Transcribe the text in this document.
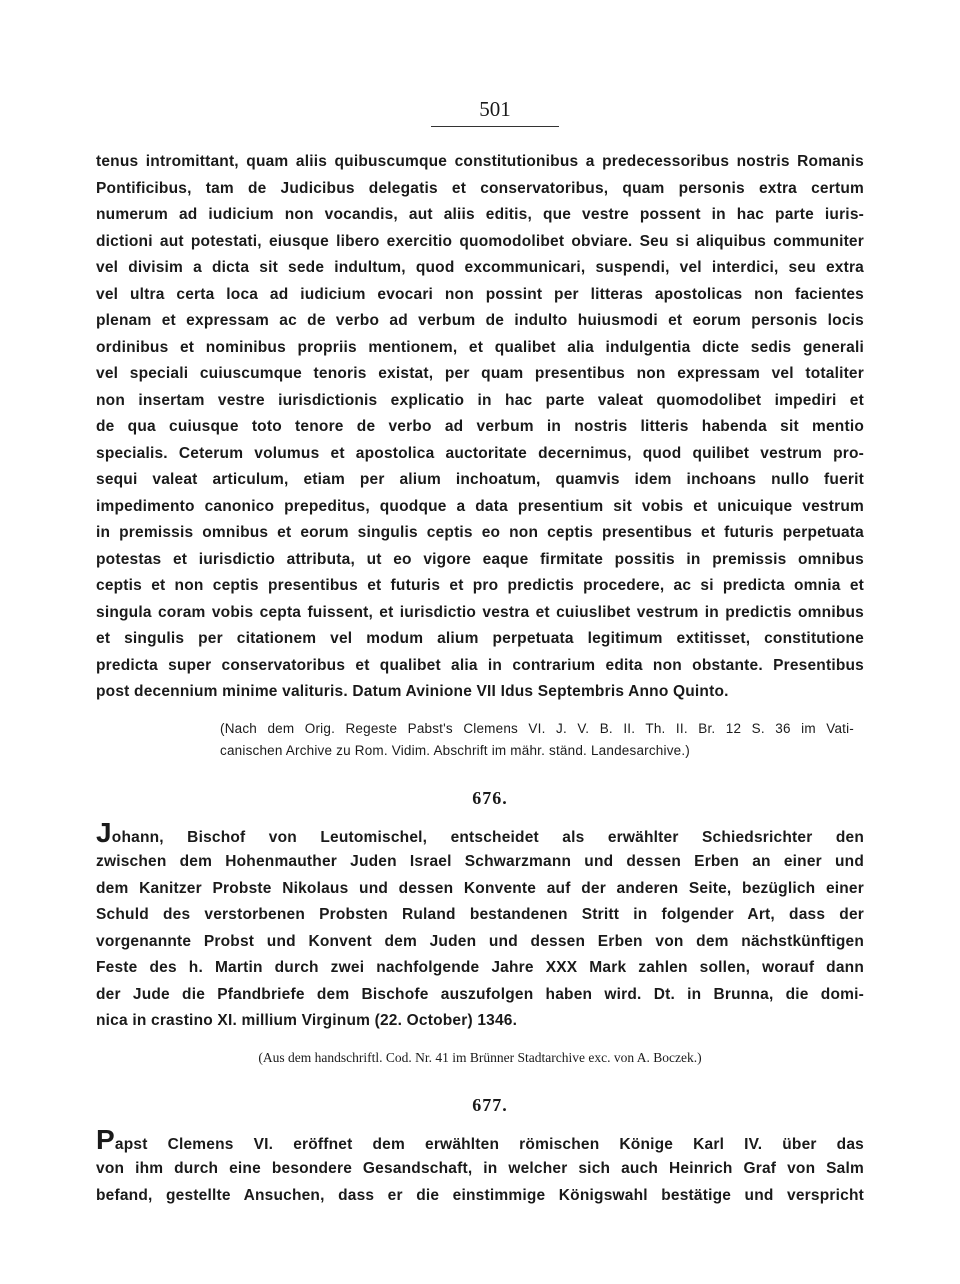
501
tenus intromittant, quam aliis quibuscumque constitutionibus a predecessoribus nostris Romanis
Pontificibus, tam de Judicibus delegatis et conservatoribus, quam personis extra certum
numerum ad iudicium non vocandis, aut aliis editis, que vestre possent in hac parte iuris-
dictioni aut potestati, eiusque libero exercitio quomodolibet obviare. Seu si aliquibus communiter
vel divisim a dicta sit sede indultum, quod excommunicari, suspendi, vel interdici, seu extra
vel ultra certa loca ad iudicium evocari non possint per litteras apostolicas non facientes
plenam et expressam ac de verbo ad verbum de indulto huiusmodi et eorum personis locis
ordinibus et nominibus propriis mentionem, et qualibet alia indulgentia dicte sedis generali
vel speciali cuiuscumque tenoris existat, per quam presentibus non expressam vel totaliter
non insertam vestre iurisdictionis explicatio in hac parte valeat quomodolibet impediri et
de qua cuiusque toto tenore de verbo ad verbum in nostris litteris habenda sit mentio
specialis. Ceterum volumus et apostolica auctoritate decernimus, quod quilibet vestrum pro-
sequi valeat articulum, etiam per alium inchoatum, quamvis idem inchoans nullo fuerit
impedimento canonico prepeditus, quodque a data presentium sit vobis et unicuique vestrum
in premissis omnibus et eorum singulis ceptis eo non ceptis presentibus et futuris perpetuata
potestas et iurisdictio attributa, ut eo vigore eaque firmitate possitis in premissis omnibus
ceptis et non ceptis presentibus et futuris et pro predictis procedere, ac si predicta omnia et
singula coram vobis cepta fuissent, et iurisdictio vestra et cuiuslibet vestrum in predictis omnibus
et singulis per citationem vel modum alium perpetuata legitimum extitisset, constitutione
predicta super conservatoribus et qualibet alia in contrarium edita non obstante. Presentibus
post decennium minime valituris. Datum Avinione VII Idus Septembris Anno Quinto.
(Nach dem Orig. Regeste Pabst's Clemens VI. J. V. B. II. Th. II. Br. 12 S. 36 im Vati-
canischen Archive zu Rom. Vidim. Abschrift im mähr. ständ. Landesarchive.)
676.
Johann, Bischof von Leutomischel, entscheidet als erwählter Schiedsrichter den
zwischen dem Hohenmauther Juden Israel Schwarzmann und dessen Erben an einer und
dem Kanitzer Probste Nikolaus und dessen Konvente auf der anderen Seite, bezüglich einer
Schuld des verstorbenen Probsten Ruland bestandenen Stritt in folgender Art, dass der
vorgenannte Probst und Konvent dem Juden und dessen Erben von dem nächstkünftigen
Feste des h. Martin durch zwei nachfolgende Jahre XXX Mark zahlen sollen, worauf dann
der Jude die Pfandbriefe dem Bischofe auszufolgen haben wird. Dt. in Brunna, die domi-
nica in crastino XI. millium Virginum (22. October) 1346.
(Aus dem handschriftl. Cod. Nr. 41 im Brünner Stadtarchive exc. von A. Boczek.)
677.
Papst Clemens VI. eröffnet dem erwählten römischen Könige Karl IV. über das
von ihm durch eine besondere Gesandschaft, in welcher sich auch Heinrich Graf von Salm
befand, gestellte Ansuchen, dass er die einstimmige Königswahl bestätige und verspricht
